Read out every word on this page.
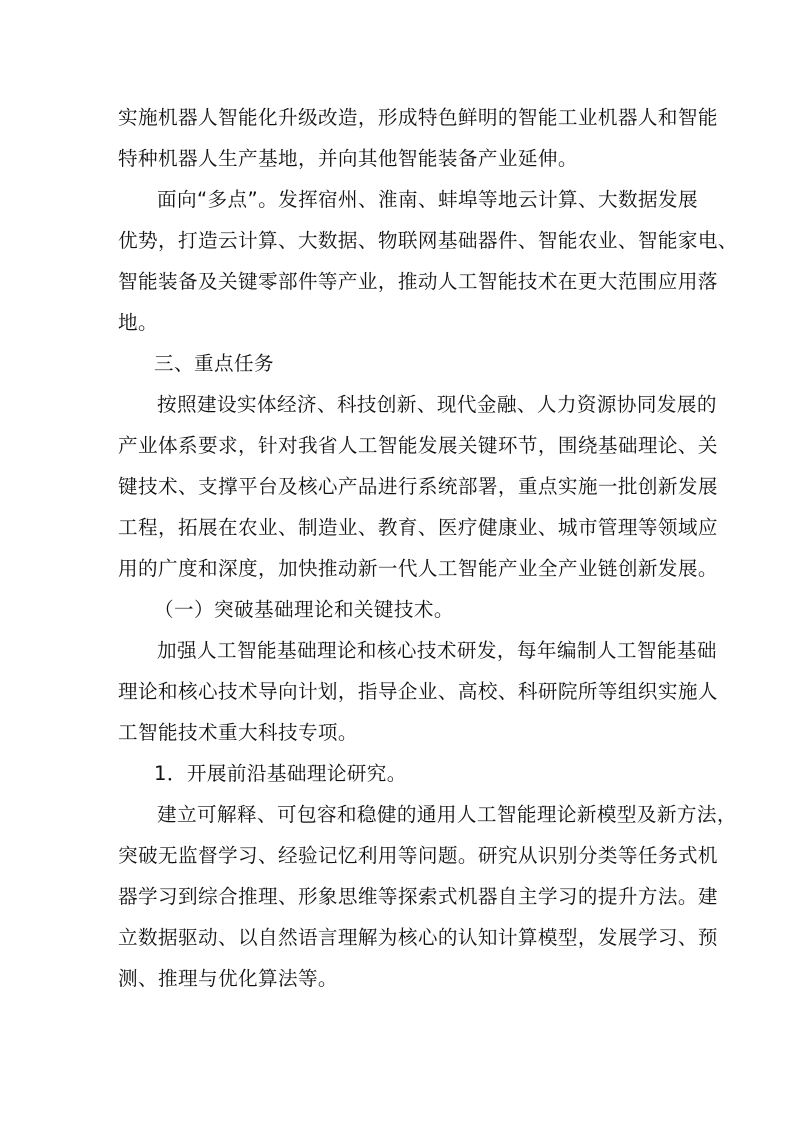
实施机器人智能化升级改造，形成特色鲜明的智能工业机器人和智能
特种机器人生产基地，并向其他智能装备产业延伸。
面向“多点”。发挥宿州、淮南、蚌埠等地云计算、大数据发展
优势，打造云计算、大数据、物联网基础器件、智能农业、智能家电、
智能装备及关键零部件等产业，推动人工智能技术在更大范围应用落
地。
三、重点任务
按照建设实体经济、科技创新、现代金融、人力资源协同发展的
产业体系要求，针对我省人工智能发展关键环节，围绕基础理论、关
键技术、支撑平台及核心产品进行系统部署，重点实施一批创新发展
工程，拓展在农业、制造业、教育、医疗健康业、城市管理等领域应
用的广度和深度，加快推动新一代人工智能产业全产业链创新发展。
（一）突破基础理论和关键技术。
加强人工智能基础理论和核心技术研发，每年编制人工智能基础
理论和核心技术导向计划，指导企业、高校、科研院所等组织实施人
工智能技术重大科技专项。
1．开展前沿基础理论研究。
建立可解释、可包容和稳健的通用人工智能理论新模型及新方法，
突破无监督学习、经验记忆利用等问题。研究从识别分类等任务式机
器学习到综合推理、形象思维等探索式机器自主学习的提升方法。建
立数据驱动、以自然语言理解为核心的认知计算模型，发展学习、预
测、推理与优化算法等。
